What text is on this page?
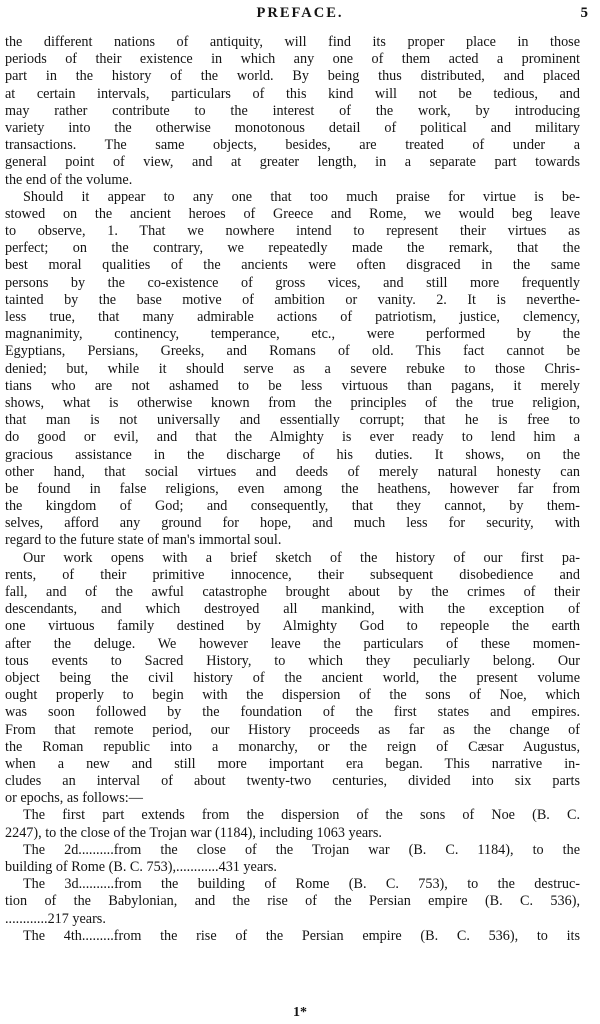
PREFACE.	5
the different nations of antiquity, will find its proper place in those
periods of their existence in which any one of them acted a prominent
part in the history of the world. By being thus distributed, and placed
at certain intervals, particulars of this kind will not be tedious, and
may rather contribute to the interest of the work, by introducing
variety into the otherwise monotonous detail of political and military
transactions. The same objects, besides, are treated of under a
general point of view, and at greater length, in a separate part towards
the end of the volume.
Should it appear to any one that too much praise for virtue is be-
stowed on the ancient heroes of Greece and Rome, we would beg leave
to observe, 1. That we nowhere intend to represent their virtues as
perfect; on the contrary, we repeatedly made the remark, that the
best moral qualities of the ancients were often disgraced in the same
persons by the co-existence of gross vices, and still more frequently
tainted by the base motive of ambition or vanity. 2. It is neverthe-
less true, that many admirable actions of patriotism, justice, clemency,
magnanimity, continency, temperance, etc., were performed by the
Egyptians, Persians, Greeks, and Romans of old. This fact cannot be
denied; but, while it should serve as a severe rebuke to those Chris-
tians who are not ashamed to be less virtuous than pagans, it merely
shows, what is otherwise known from the principles of the true religion,
that man is not universally and essentially corrupt; that he is free to
do good or evil, and that the Almighty is ever ready to lend him a
gracious assistance in the discharge of his duties. It shows, on the
other hand, that social virtues and deeds of merely natural honesty can
be found in false religions, even among the heathens, however far from
the kingdom of God; and consequently, that they cannot, by them-
selves, afford any ground for hope, and much less for security, with
regard to the future state of man's immortal soul.
Our work opens with a brief sketch of the history of our first pa-
rents, of their primitive innocence, their subsequent disobedience and
fall, and of the awful catastrophe brought about by the crimes of their
descendants, and which destroyed all mankind, with the exception of
one virtuous family destined by Almighty God to repeople the earth
after the deluge. We however leave the particulars of these momen-
tous events to Sacred History, to which they peculiarly belong. Our
object being the civil history of the ancient world, the present volume
ought properly to begin with the dispersion of the sons of Noe, which
was soon followed by the foundation of the first states and empires.
From that remote period, our History proceeds as far as the change of
the Roman republic into a monarchy, or the reign of Cæsar Augustus,
when a new and still more important era began. This narrative in-
cludes an interval of about twenty-two centuries, divided into six parts
or epochs, as follows:—
The first part extends from the dispersion of the sons of Noe (B. C.
2247), to the close of the Trojan war (1184), including 1063 years.
The 2d..........from the close of the Trojan war (B. C. 1184), to the
building of Rome (B. C. 753),............431 years.
The 3d..........from the building of Rome (B. C. 753), to the destruc-
tion of the Babylonian, and the rise of the Persian empire (B. C. 536),
............217 years.
The 4th.........from the rise of the Persian empire (B. C. 536), to its
1*
